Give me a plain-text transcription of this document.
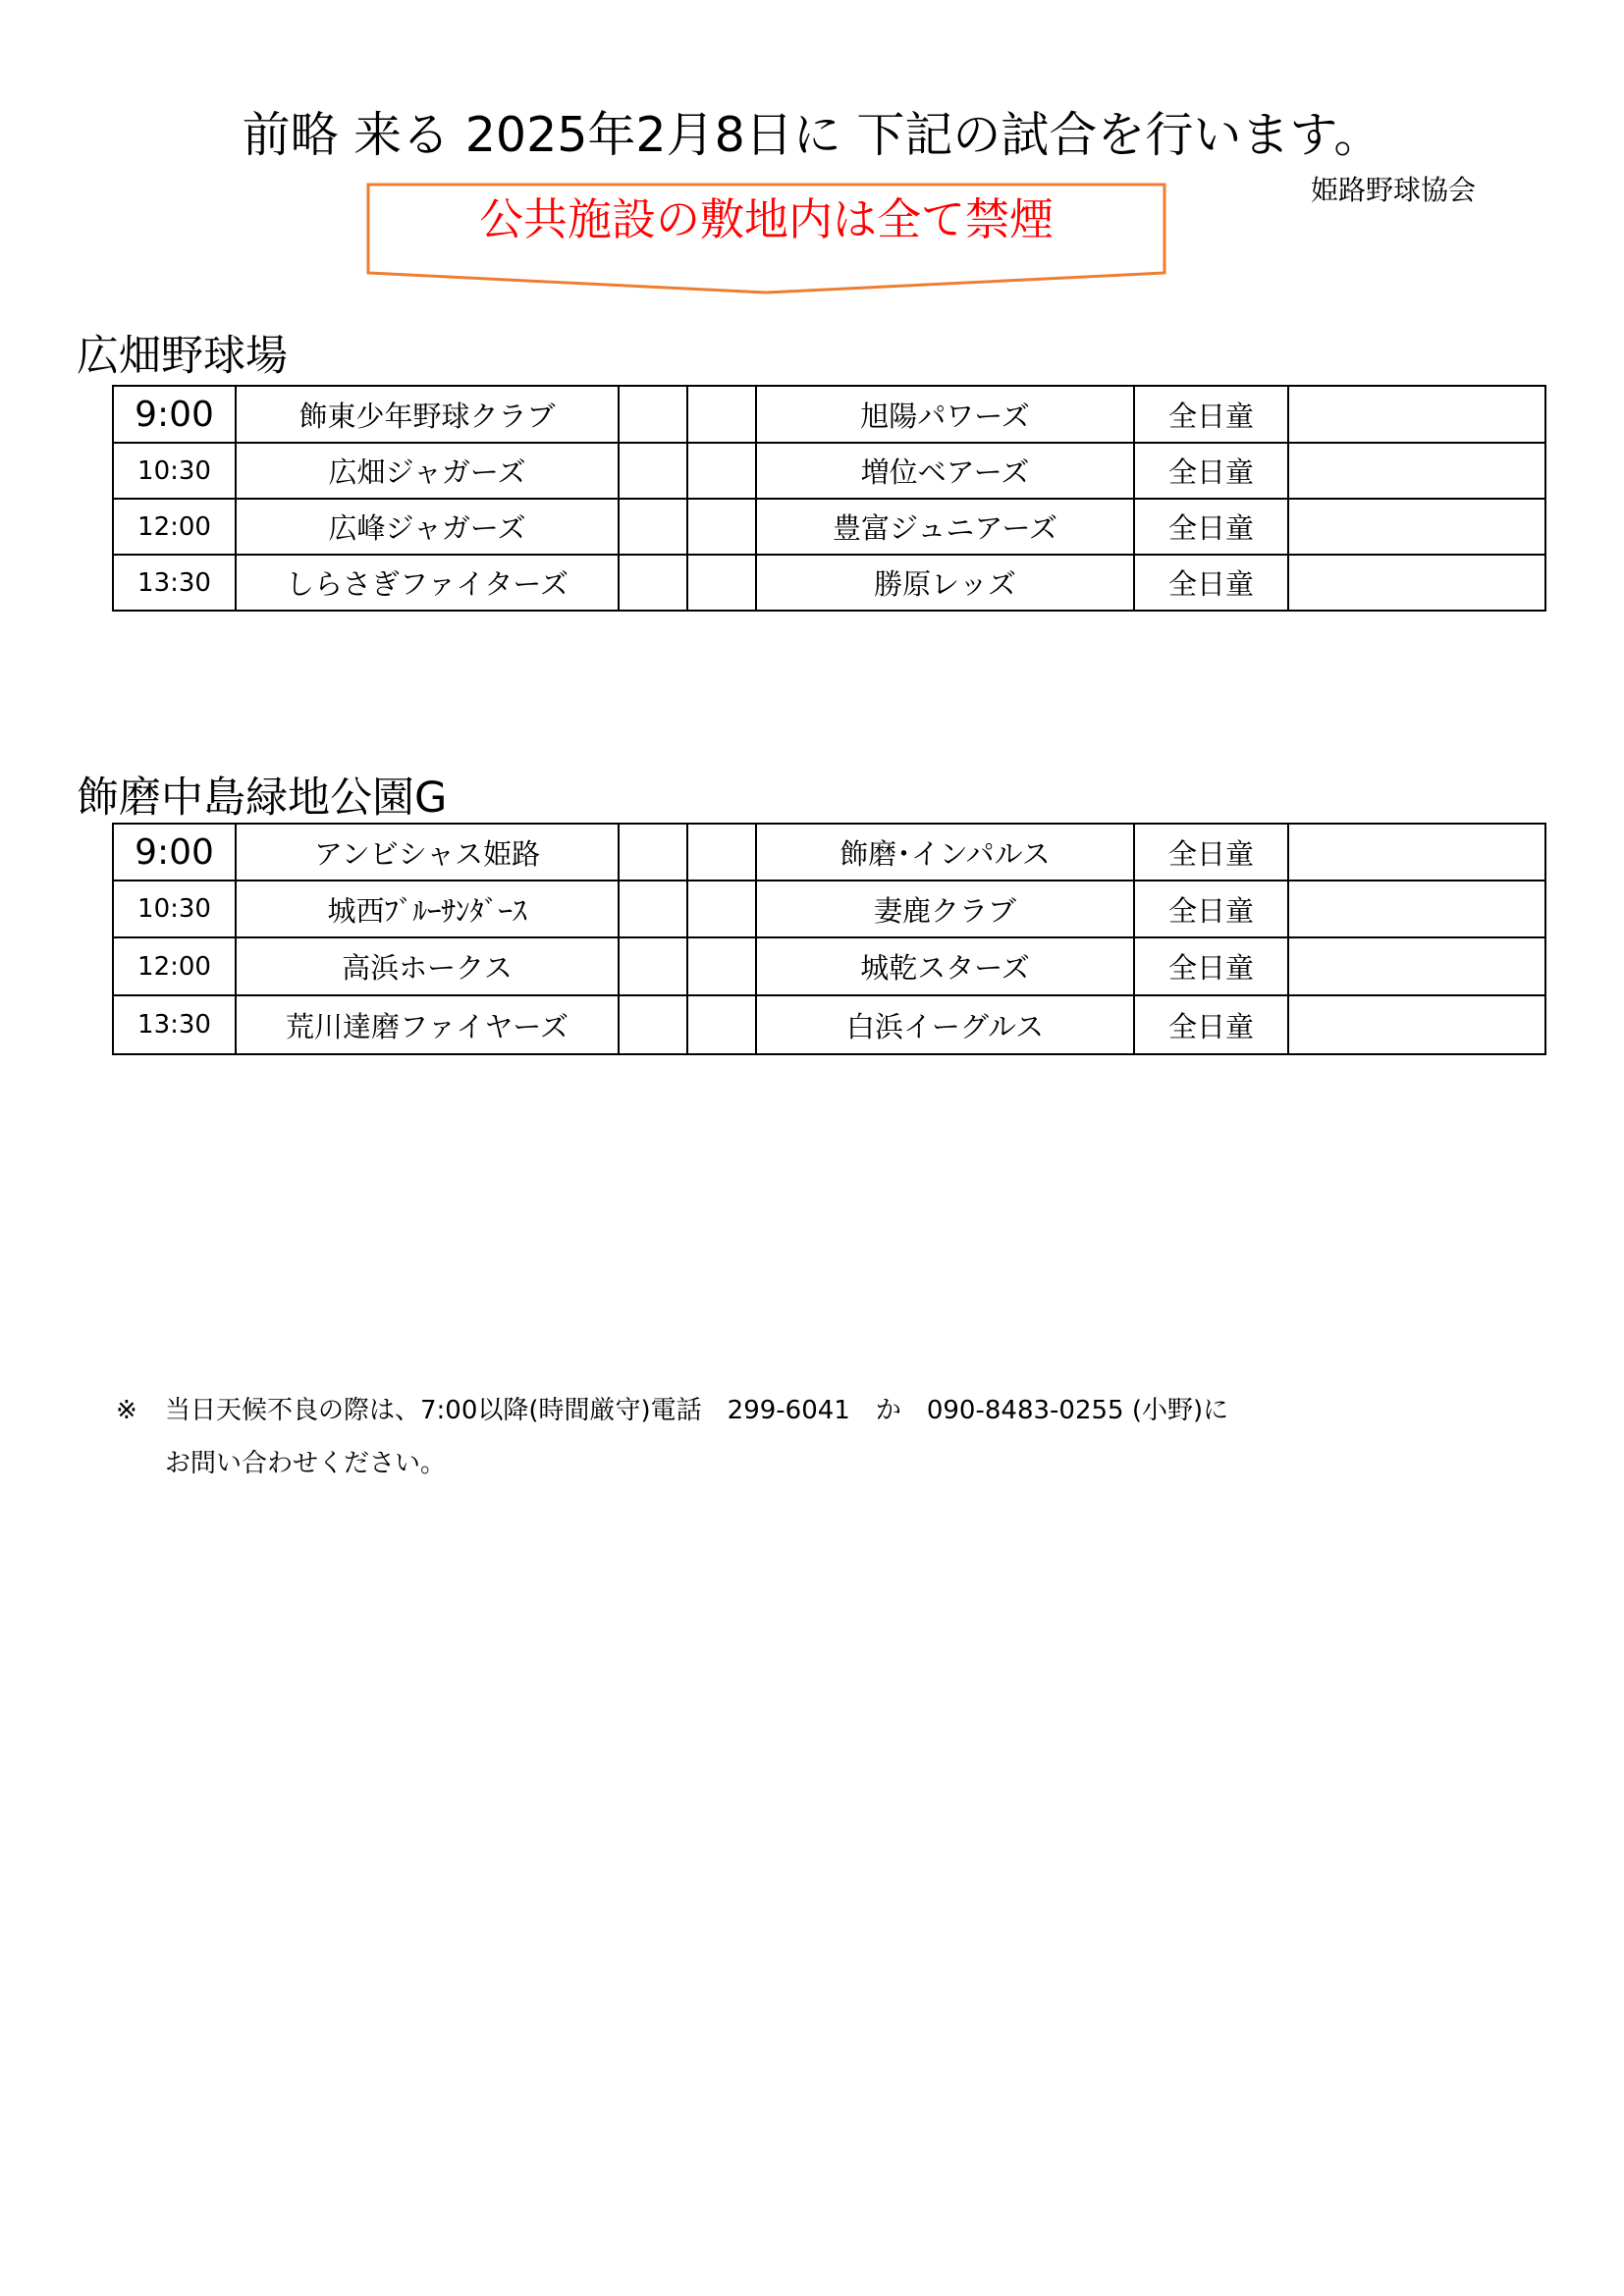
前略 来る 2025年2月8日に 下記の試合を行います。
姫路野球協会
公共施設の敷地内は全て禁煙
広畑野球場
9:00	飾東少年野球クラブ			旭陽パワーズ	全日童	
10:30	広畑ジャガーズ			増位ベアーズ	全日童	
12:00	広峰ジャガーズ			豊富ジュニアーズ	全日童	
13:30	しらさぎファイターズ			勝原レッズ	全日童	
飾磨中島緑地公園G
9:00	アンビシャス姫路			飾磨･インパルス	全日童	
10:30	城西ﾌﾞﾙｰｻﾝﾀﾞｰｽ			妻鹿クラブ	全日童	
12:00	高浜ホークス			城乾スターズ	全日童	
13:30	荒川達磨ファイヤーズ			白浜イーグルス	全日童	
※ 当日天候不良の際は、7:00以降(時間厳守)電話　299-6041　か　090-8483-0255 (小野)に
お問い合わせください。
